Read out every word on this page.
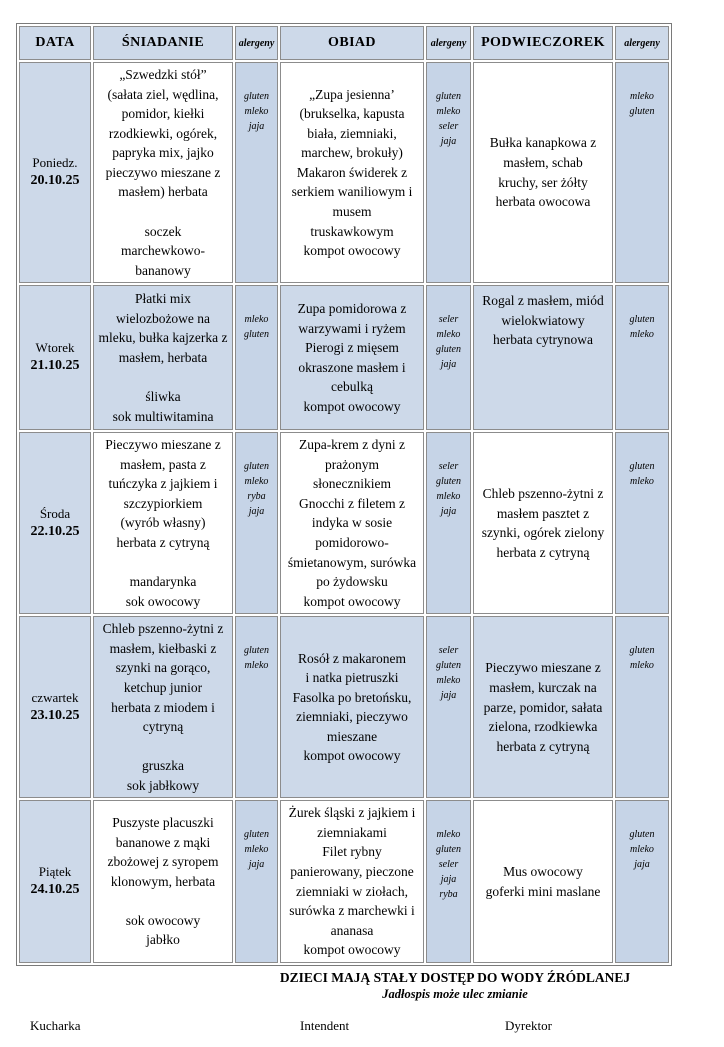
DATA	ŚNIADANIE	alergeny	OBIAD	alergeny	PODWIECZOREK	alergeny

Poniedz.
20.10.25
	„Szwedzki stół”
(sałata ziel, wędlina,
pomidor, kiełki
rzodkiewki, ogórek,
papryka mix, jajko
pieczywo mieszane z
masłem) herbata

soczek
marchewkowo-
bananowy	gluten
mleko
jaja	„Zupa jesienna’
(brukselka, kapusta
biała, ziemniaki,
marchew, brokuły)
Makaron świderek z
serkiem waniliowym i
musem
truskawkowym
kompot owocowy	gluten
mleko
seler
jaja	Bułka kanapkowa z
masłem, schab
kruchy, ser żółty
herbata owocowa	mleko
gluten

Wtorek
21.10.25
	Płatki mix
wielozbożowe na
mleku, bułka kajzerka z
masłem, herbata

śliwka
sok multiwitamina	mleko
gluten	Zupa pomidorowa z
warzywami i ryżem
Pierogi z mięsem
okraszone masłem i
cebulką
kompot owocowy	seler
mleko
gluten
jaja	Rogal z masłem, miód
wielokwiatowy
herbata cytrynowa	gluten
mleko

Środa
22.10.25
	Pieczywo mieszane z
masłem, pasta z
tuńczyka z jajkiem i
szczypiorkiem
(wyrób własny)
herbata z cytryną

mandarynka
sok owocowy	gluten
mleko
ryba
jaja	Zupa-krem z dyni z
prażonym
słonecznikiem
Gnocchi z filetem z
indyka w sosie
pomidorowo-
śmietanowym, surówka
po żydowsku
kompot owocowy	seler
gluten
mleko
jaja	Chleb pszenno-żytni z
masłem pasztet z
szynki, ogórek zielony
herbata z cytryną	gluten
mleko

czwartek
23.10.25
	Chleb pszenno-żytni z
masłem, kiełbaski z
szynki na gorąco,
ketchup junior
herbata z miodem i
cytryną

gruszka
sok jabłkowy	gluten
mleko	Rosół z makaronem
i natka pietruszki
Fasolka po bretońsku,
ziemniaki, pieczywo
mieszane
kompot owocowy	seler
gluten
mleko
jaja	Pieczywo mieszane z
masłem, kurczak na
parze, pomidor, sałata
zielona, rzodkiewka
herbata z cytryną	gluten
mleko

Piątek
24.10.25
	Puszyste placuszki
bananowe z mąki
zbożowej z syropem
klonowym, herbata

sok owocowy
jabłko	gluten
mleko
jaja	Żurek śląski z jajkiem i
ziemniakami
Filet rybny
panierowany, pieczone
ziemniaki w ziołach,
surówka z marchewki i
ananasa
kompot owocowy	mleko
gluten
seler
jaja
ryba	Mus owocowy
goferki mini maslane	gluten
mleko
jaja
DZIECI MAJĄ STAŁY DOSTĘP DO WODY ŹRÓDLANEJ
Jadłospis może ulec zmianie
Kucharka	Intendent	Dyrektor
